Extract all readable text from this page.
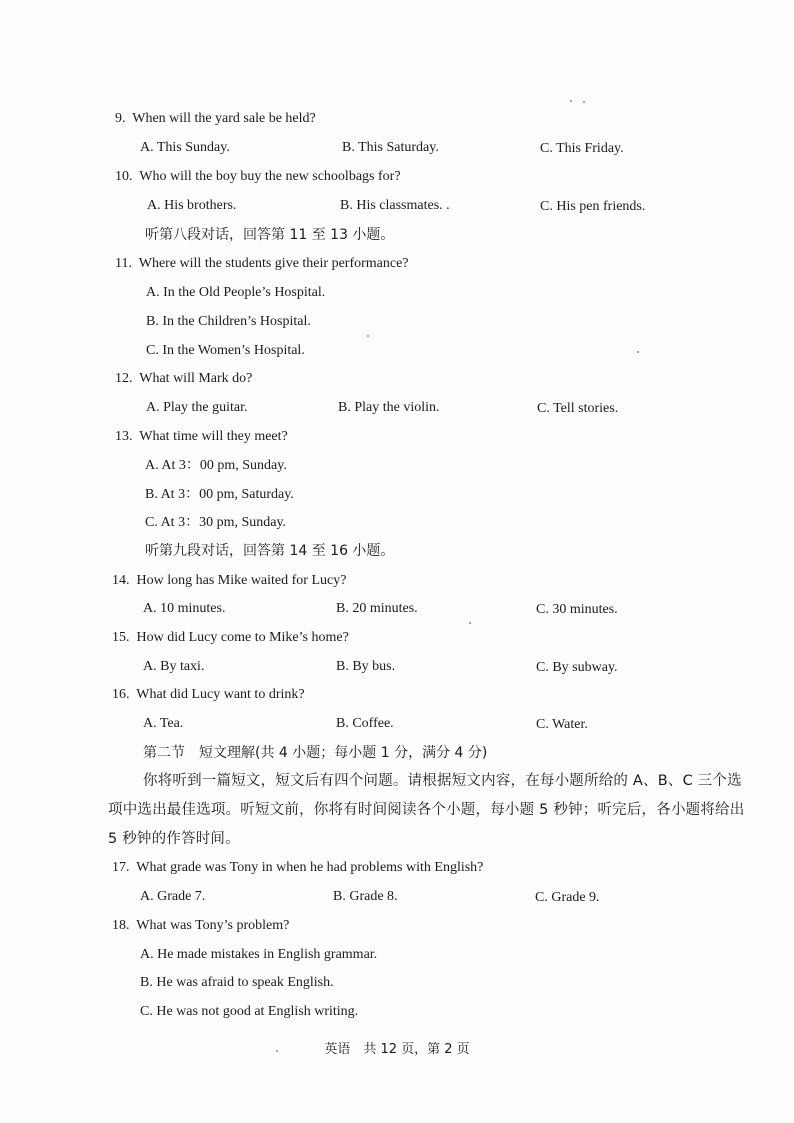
9. When will the yard sale be held?
A. This Sunday.	B. This Saturday.	C. This Friday.
10. Who will the boy buy the new schoolbags for?
A. His brothers.	B. His classmates. .	C. His pen friends.
听第八段对话，回答第 11 至 13 小题。
11. Where will the students give their performance?
A. In the Old People’s Hospital.
B. In the Children’s Hospital.
C. In the Women’s Hospital.
12. What will Mark do?
A. Play the guitar.	B. Play the violin.	C. Tell stories.
13. What time will they meet?
A. At 3：00 pm, Sunday.
B. At 3：00 pm, Saturday.
C. At 3：30 pm, Sunday.
听第九段对话，回答第 14 至 16 小题。
14. How long has Mike waited for Lucy?
A. 10 minutes.	B. 20 minutes.	C. 30 minutes.
15. How did Lucy come to Mike’s home?
A. By taxi.	B. By bus.	C. By subway.
16. What did Lucy want to drink?
A. Tea.	B. Coffee.	C. Water.
第二节　短文理解(共 4 小题；每小题 1 分，满分 4 分)
你将听到一篇短文，短文后有四个问题。请根据短文内容，在每小题所给的 A、B、C 三个选项中选出最佳选项。听短文前，你将有时间阅读各个小题，每小题 5 秒钟；听完后，各小题将给出 5 秒钟的作答时间。
17. What grade was Tony in when he had problems with English?
A. Grade 7.	B. Grade 8.	C. Grade 9.
18. What was Tony’s problem?
A. He made mistakes in English grammar.
B. He was afraid to speak English.
C. He was not good at English writing.
英语　共 12 页，第 2 页
